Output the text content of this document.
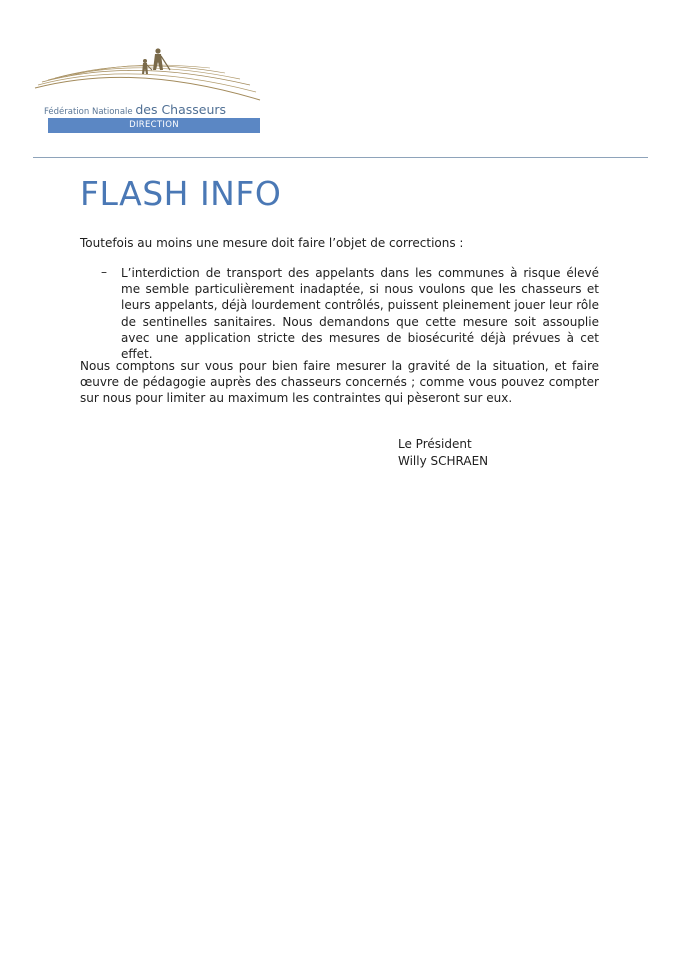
Fédération Nationale des Chasseurs
DIRECTION
FLASH INFO
Toutefois au moins une mesure doit faire l’objet de corrections :
– L’interdiction de transport des appelants dans les communes à risque élevé me semble particulièrement inadaptée, si nous voulons que les chasseurs et leurs appelants, déjà lourdement contrôlés, puissent pleinement jouer leur rôle de sentinelles sanitaires. Nous demandons que cette mesure soit assouplie avec une application stricte des mesures de biosécurité déjà prévues à cet effet.
Nous comptons sur vous pour bien faire mesurer la gravité de la situation, et faire œuvre de pédagogie auprès des chasseurs concernés ; comme vous pouvez compter sur nous pour limiter au maximum les contraintes qui pèseront sur eux.
Le Président
Willy SCHRAEN
